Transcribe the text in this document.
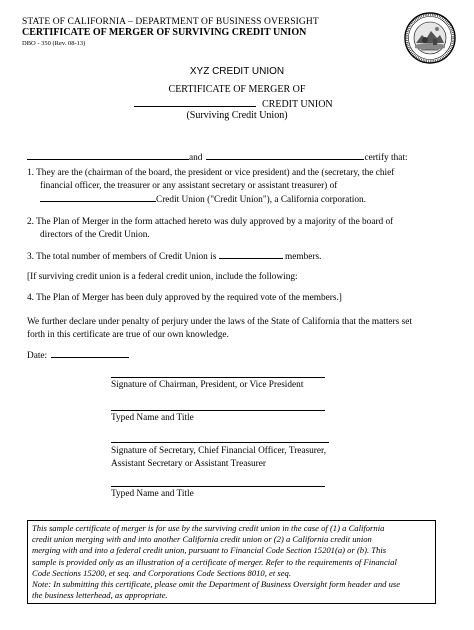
STATE OF CALIFORNIA – DEPARTMENT OF BUSINESS OVERSIGHT
CERTIFICATE OF MERGER OF SURVIVING CREDIT UNION
DBO - 350 (Rev. 08-13)
XYZ CREDIT UNION
CERTIFICATE OF MERGER OF
CREDIT UNION
(Surviving Credit Union)
and	certify that:
1. They are the (chairman of the board, the president or vice president) and the (secretary, the chief
financial officer, the treasurer or any assistant secretary or assistant treasurer) of
Credit Union ("Credit Union"), a California corporation.
2. The Plan of Merger in the form attached hereto was duly approved by a majority of the board of
directors of the Credit Union.
3. The total number of members of Credit Union is	members.
[If surviving credit union is a federal credit union, include the following:
4. The Plan of Merger has been duly approved by the required vote of the members.]
We further declare under penalty of perjury under the laws of the State of California that the matters set
forth in this certificate are true of our own knowledge.
Date:
Signature of Chairman, President, or Vice President
Typed Name and Title
Signature of Secretary, Chief Financial Officer, Treasurer,
Assistant Secretary or Assistant Treasurer
Typed Name and Title
This sample certificate of merger is for use by the surviving credit union in the case of (1) a California
credit union merging with and into another California credit union or (2) a California credit union
merging with and into a federal credit union, pursuant to Financial Code Section 15201(a) or (b). This
sample is provided only as an illustration of a certificate of merger. Refer to the requirements of Financial
Code Sections 15200, et seq. and Corporations Code Sections 8010, et seq.
Note: In submitting this certificate, please omit the Department of Business Oversight form header and use
the business letterhead, as appropriate.
